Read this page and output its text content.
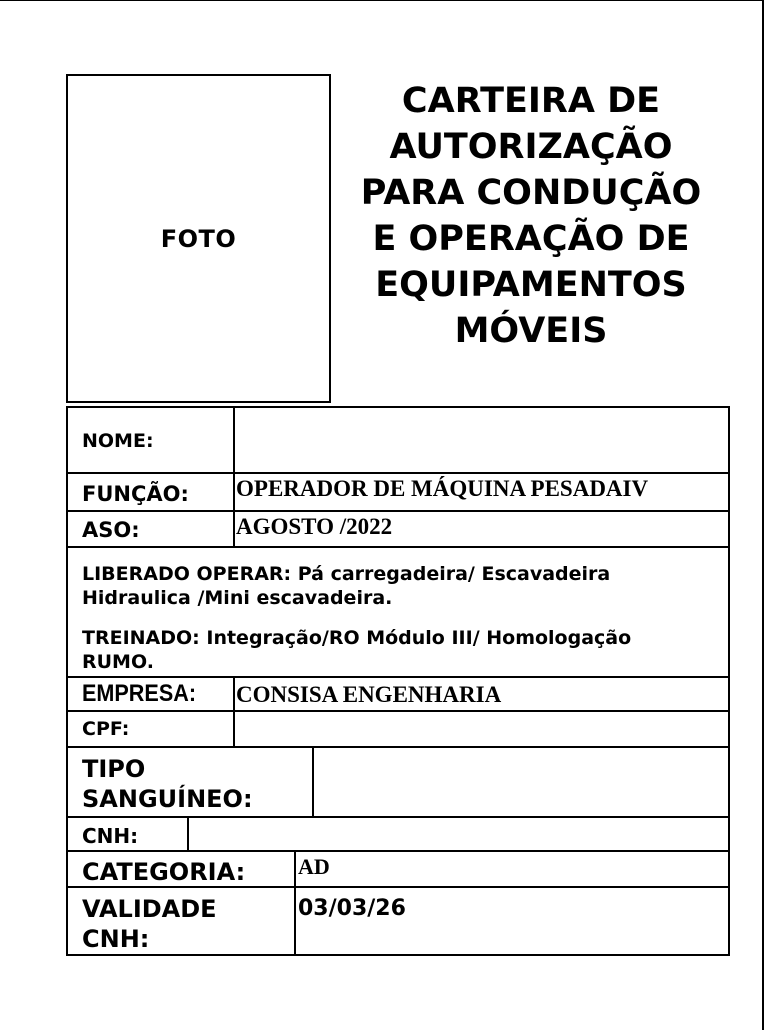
FOTO
CARTEIRA DE
AUTORIZAÇÃO
PARA CONDUÇÃO
E OPERAÇÃO DE
EQUIPAMENTOS
MÓVEIS
NOME:
FUNÇÃO: OPERADOR DE MÁQUINA PESADAIV
ASO:	AGOSTO /2022
LIBERADO OPERAR: Pá carregadeira/ Escavadeira
Hidraulica /Mini escavadeira.
TREINADO: Integração/RO Módulo III/ Homologação
RUMO.
EMPRESA: CONSISA ENGENHARIA
CPF:
TIPO
SANGUÍNEO:
CNH:
CATEGORIA: AD
VALIDADE
CNH:
03/03/26
